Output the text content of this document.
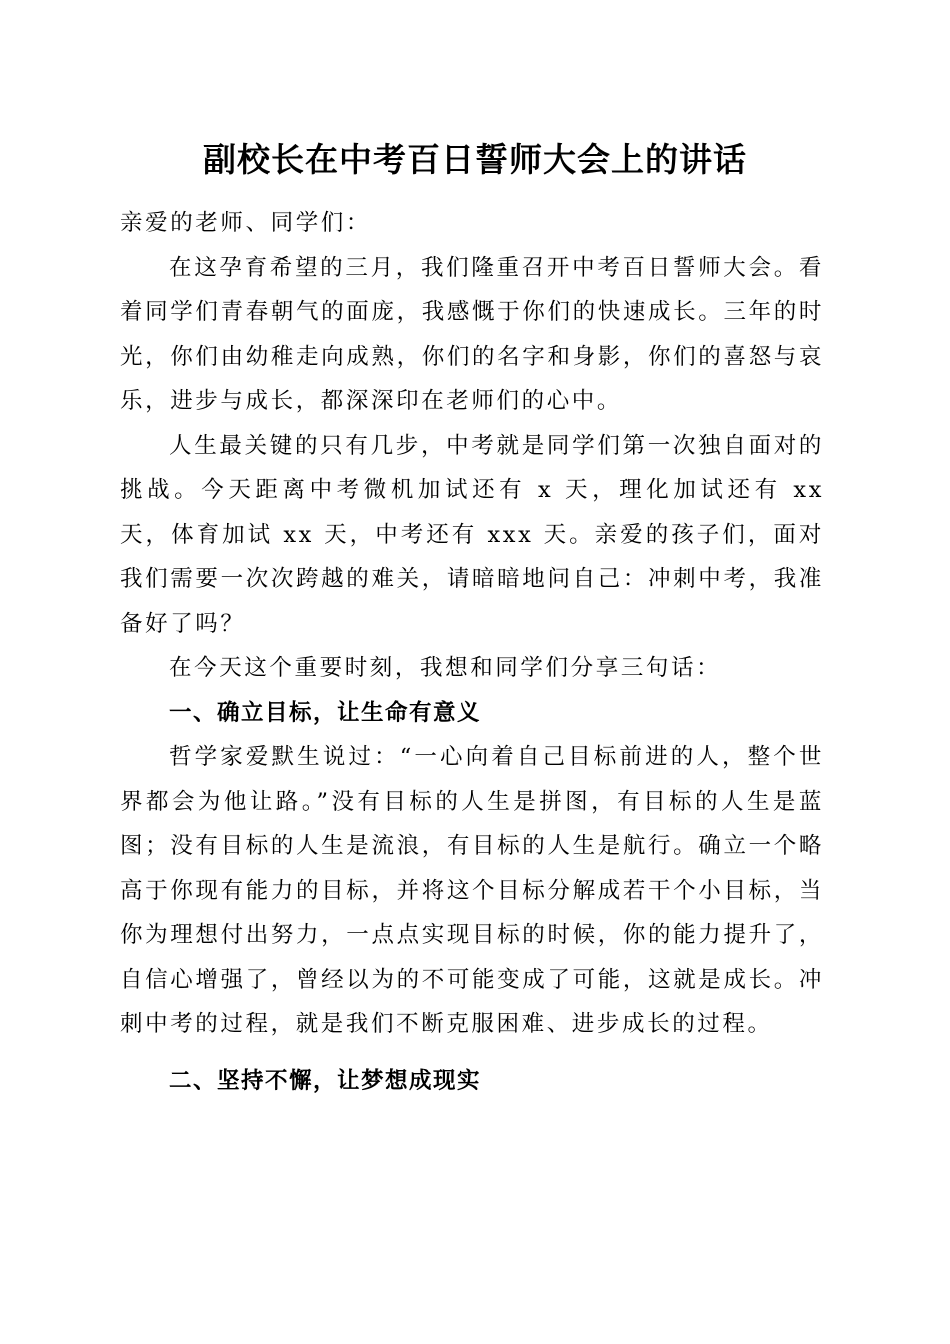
副校长在中考百日誓师大会上的讲话

亲爱的老师、同学们：

在这孕育希望的三月，我们隆重召开中考百日誓师大会。看着同学们青春朝气的面庞，我感慨于你们的快速成长。三年的时光，你们由幼稚走向成熟，你们的名字和身影，你们的喜怒与哀乐，进步与成长，都深深印在老师们的心中。

人生最关键的只有几步，中考就是同学们第一次独自面对的挑战。今天距离中考微机加试还有 x 天，理化加试还有 xx 天，体育加试 xx 天，中考还有 xxx 天。亲爱的孩子们，面对我们需要一次次跨越的难关，请暗暗地问自己：冲刺中考，我准备好了吗？

在今天这个重要时刻，我想和同学们分享三句话：

一、确立目标，让生命有意义

哲学家爱默生说过：“一心向着自己目标前进的人，整个世界都会为他让路。”没有目标的人生是拼图，有目标的人生是蓝图；没有目标的人生是流浪，有目标的人生是航行。确立一个略高于你现有能力的目标，并将这个目标分解成若干个小目标，当你为理想付出努力，一点点实现目标的时候，你的能力提升了，自信心增强了，曾经以为的不可能变成了可能，这就是成长。冲刺中考的过程，就是我们不断克服困难、进步成长的过程。

二、坚持不懈，让梦想成现实
